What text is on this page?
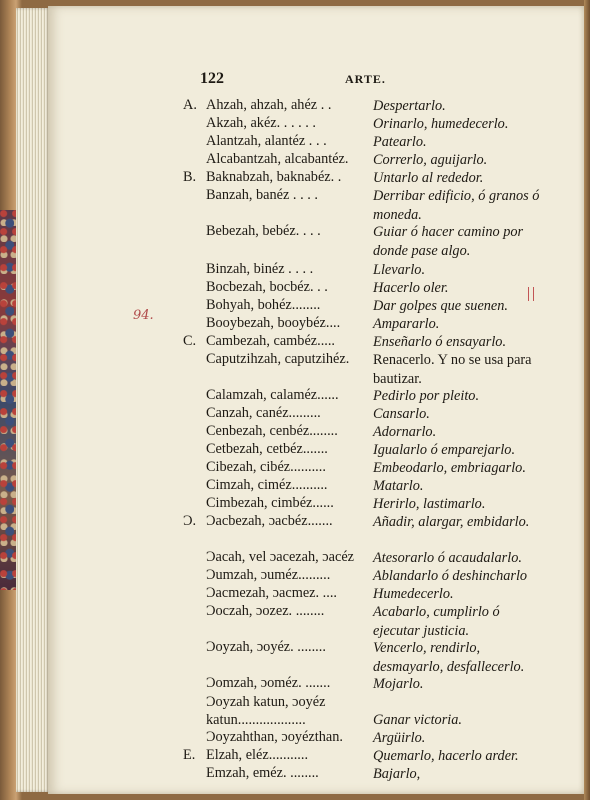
122	ARTE.
94.
A. Ahzah, ahzah, ahéz . .	Despertarlo.
Akzah, akéz. . . . . .	Orinarlo, humedecerlo.
Alantzah, alantéz . . .	Patearlo.
Alcabantzah, alcabantéz. Correrlo, aguijarlo.
B. Baknabzah, baknabéz. . Untarlo al rededor.
Banzah, banéz . . . .	Derribar edificio, ó granos ó moneda.
Bebezah, bebéz. . . .	Guiar ó hacer camino por donde pase algo.
Binzah, binéz . . . .	Llevarlo.
Bocbezah, bocbéz. . .	Hacerlo oler.
Bohyah, bohéz........	Dar golpes que suenen.
Booybezah, booybéz.... Ampararlo.
C. Cambezah, cambéz.....	Enseñarlo ó ensayarlo.
Caputzihzah, caputzihéz. Renacerlo. Y no se usa para bautizar.
Calamzah, calaméz...... Pedirlo por pleito.
Canzah, canéz.........	Cansarlo.
Cenbezah, cenbéz........ Adornarlo.
Cetbezah, cetbéz.......	Igualarlo ó emparejarlo.
Cibezah, cibéz..........	Embeodarlo, embriagarlo.
Cimzah, ciméz..........	Matarlo.
Cimbezah, cimbéz......	Herirlo, lastimarlo.
Ɔ. Ɔacbezah, ɔacbéz.......	Añadir, alargar, embidarlo.
Ɔacah, vel ɔacezah, ɔacéz Atesorarlo ó acaudalarlo.
Ɔumzah, ɔuméz.........	Ablandarlo ó deshincharlo
Ɔacmezah, ɔacmez. ....	Humedecerlo.
Ɔoczah, ɔozez. ........	Acabarlo, cumplirlo ó ejecutar justicia.
Ɔoyzah, ɔoyéz. ........	Vencerlo, rendirlo, desmayarlo, desfallecerlo.
Ɔomzah, ɔoméz. .......	Mojarlo.
Ɔoyzah katun, ɔoyéz katun...................	Ganar victoria.
Ɔoyzahthan, ɔoyézthan. Argüirlo.
E. Elzah, eléz...........	Quemarlo, hacerlo arder.
Emzah, eméz. ........	Bajarlo,
